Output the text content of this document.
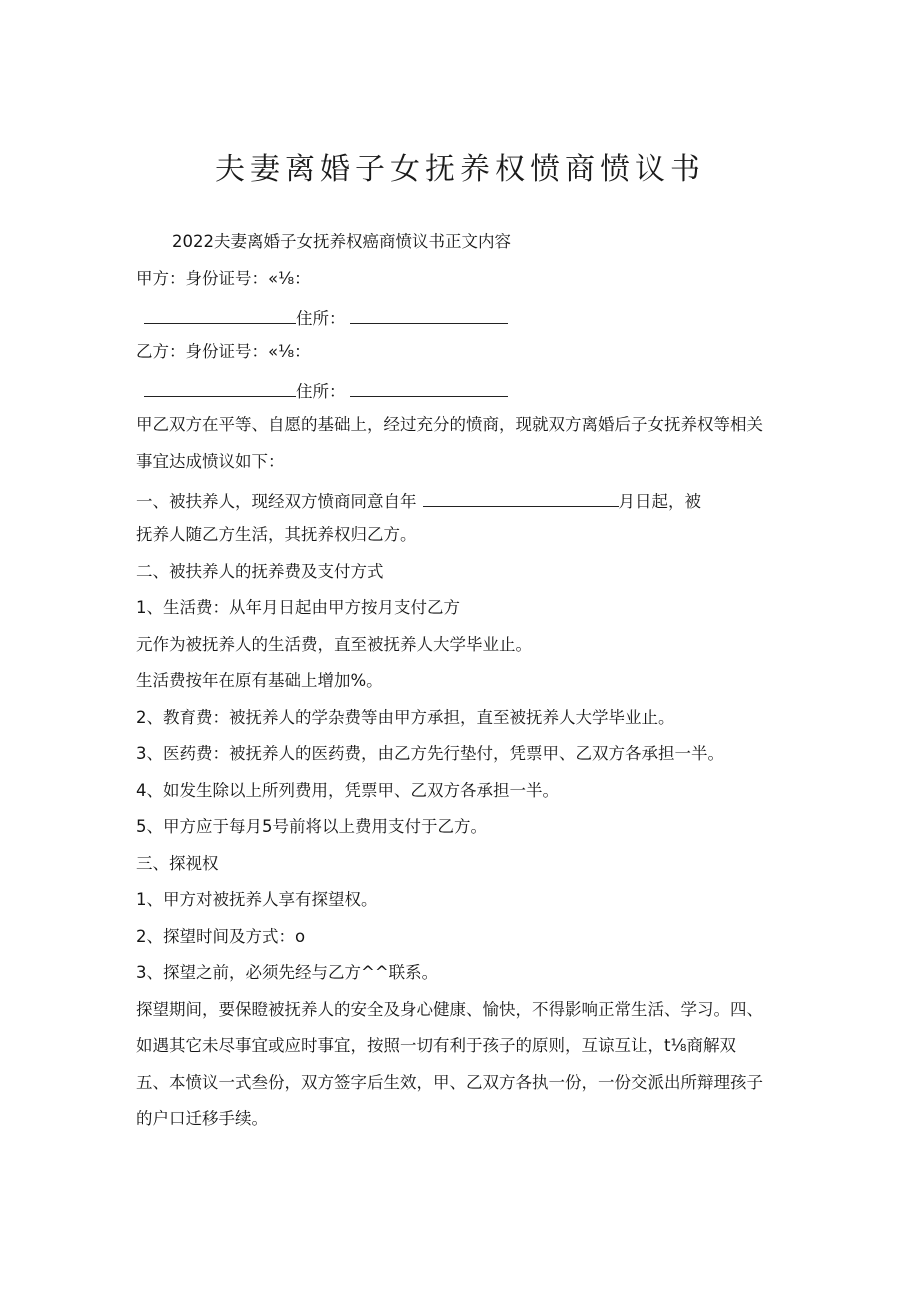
夫妻离婚子女抚养权愤商愤议书
2022夫妻离婚子女抚养权癌商愤议书正文内容
甲方：身份证号：«⅛：
住所：
乙方：身份证号：«⅛：
住所：
甲乙双方在平等、自愿的基础上，经过充分的愤商，现就双方离婚后子女抚养权等相关
事宜达成愤议如下：
一、被扶养人，现经双方愤商同意自年	月日起，被
抚养人随乙方生活，其抚养权归乙方。
二、被扶养人的抚养费及支付方式
1、生活费：从年月日起由甲方按月支付乙方
元作为被抚养人的生活费，直至被抚养人大学毕业止。
生活费按年在原有基础上增加%。
2、教育费：被抚养人的学杂费等由甲方承担，直至被抚养人大学毕业止。
3、医药费：被抚养人的医药费，由乙方先行垫付，凭票甲、乙双方各承担一半。
4、如发生除以上所列费用，凭票甲、乙双方各承担一半。
5、甲方应于每月5号前将以上费用支付于乙方。
三、探视权
1、甲方对被抚养人享有探望权。
2、探望时间及方式：o
3、探望之前，必须先经与乙方^^联系。
探望期间，要保瞪被抚养人的安全及身心健康、愉快，不得影响正常生活、学习。四、
如遇其它未尽事宜或应时事宜，按照一切有利于孩子的原则，互谅互让，t⅛商解双
五、本愤议一式叁份，双方签字后生效，甲、乙双方各执一份，一份交派出所辩理孩子
的户口迁移手续。
